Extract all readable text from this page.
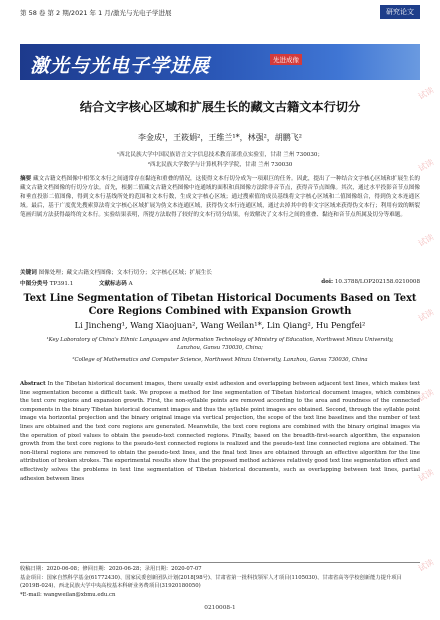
第 58 卷 第 2 期/2021 年 1 月/激光与光电子学进展	研究论文
激光与光电子学进展	先进成像
试读
试读
试读
试读
试读
试读
试读
结合文字核心区域和扩展生长的藏文古籍文本行切分
李金成¹，王筱娟²，王维兰¹*，林强²，胡鹏飞²
¹西北民族大学中国民族语言文字信息技术教育部重点实验室，甘肃 兰州 730030；
²西北民族大学数学与计算机科学学院，甘肃 兰州 730030
摘要 藏文古籍文档图像中相邻文本行之间通常存在黏连和重叠的情况，这使得文本行切分成为一项艰巨的任务。因此，提出了一种结合文字核心区域和扩展生长的藏文古籍文档图像的行切分方法。首先，根据二值藏文古籍文档图像中连通域的面积和真图像方法除非音节点，获得音节点图像。其次，通过水平投影音节点图像和垂直投影二值图像，得到文本行基线所处的范围和文本行数，生成文字核心区域；通过搜索值的成员基线将文字核心区域和二值图像组合，得到伪文本连通区域。最后，基于广度优先搜索算法将文字核心区域扩展为伪文本连通区域，获得伪文本行连通区域，通过去掉其中的非文字区域来获得伪文本行；利用有效的断裂笔画归属方法获得最终的文本行。实验结果表明，所提方法取得了较好的文本行切分结果，有效解决了文本行之间的重叠、黏连和音节点所属及切分等难题。
关键词 图像处理；藏文古籍文档图像；文本行切分；文字核心区域；扩展生长
中图分类号 TP391.1	文献标志码 A	doi: 10.3788/LOP202158.0210008
Text Line Segmentation of Tibetan Historical Documents Based on Text Core Regions Combined with Expansion Growth
Li Jincheng¹, Wang Xiaojuan², Wang Weilan¹*, Lin Qiang², Hu Pengfei²
¹Key Laboratory of China's Ethnic Languages and Information Technology of Ministry of Education, Northwest Minzu University, Lanzhou, Gansu 730030, China;
²College of Mathematics and Computer Science, Northwest Minzu University, Lanzhou, Gansu 730030, China
Abstract In the Tibetan historical document images, there usually exist adhesion and overlapping between adjacent text lines, which makes text line segmentation become a difficult task. We propose a method for line segmentation of Tibetan historical document images, which combines the text core regions and expansion growth. First, the non-syllable points are removed according to the area and roundness of the connected components in the binary Tibetan historical document images and thus the syllable point images are obtained. Second, through the syllable point image via horizontal projection and the binary original image via vertical projection, the scope of the text line baselines and the number of text lines are obtained and the text core regions are generated. Meanwhile, the text core regions are combined with the binary original images via the operation of pixel values to obtain the pseudo-text connected regions. Finally, based on the breadth-first-search algorithm, the expansion growth from the text core regions to the pseudo-text connected regions is realized and the pseudo-text line connected regions are obtained. The non-literal regions are removed to obtain the pseudo-text lines, and the final text lines are obtained through an effective algorithm for the line attribution of broken strokes. The experimental results show that the proposed method achieves relatively good text line segmentation effect and effectively solves the problems in text line segmentation of Tibetan historical documents, such as overlapping between text lines, partial adhesion between lines
收稿日期：2020-06-08；修回日期：2020-06-28；录用日期：2020-07-07
基金项目：国家自然科学基金(61772430)、国家民委创新团队计划(2018[98号)、甘肃省第一批科技领军人才项目(1105030)、甘肃省高等学校创新能力提升项目(2019B-024)、西北民族大学中央高校基本科研业务费项目(31920180050)
*E-mail: wangweilan@xbmu.edu.cn
0210008-1
